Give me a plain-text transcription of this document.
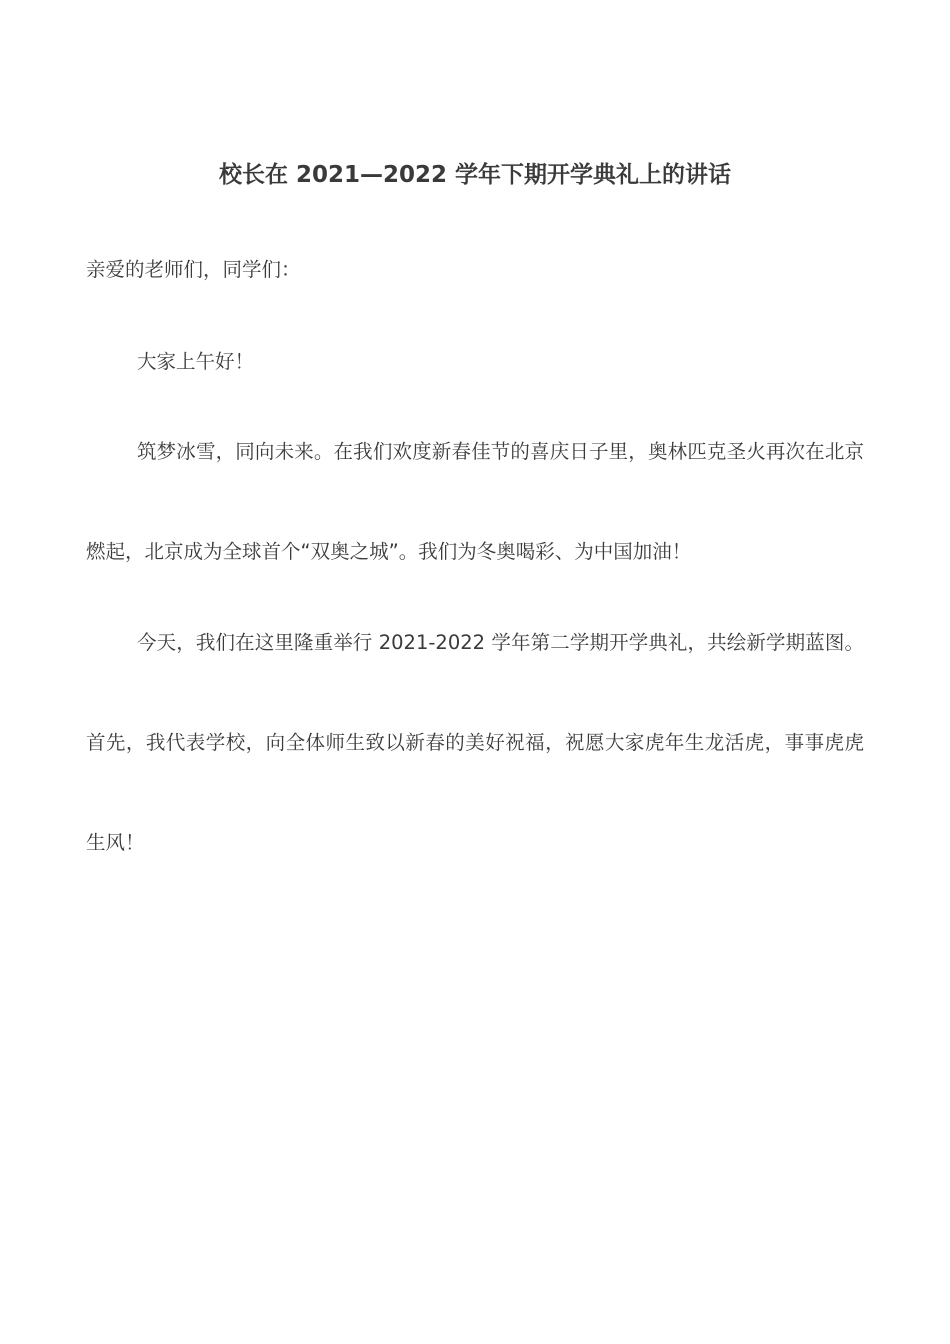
校长在 2021—2022 学年下期开学典礼上的讲话

亲爱的老师们，同学们：

大家上午好！

筑梦冰雪，同向未来。在我们欢度新春佳节的喜庆日子里，奥林匹克圣火再次在北京燃起，北京成为全球首个“双奥之城”。我们为冬奥喝彩、为中国加油！

今天，我们在这里隆重举行 2021-2022 学年第二学期开学典礼，共绘新学期蓝图。首先，我代表学校，向全体师生致以新春的美好祝福，祝愿大家虎年生龙活虎，事事虎虎生风！
